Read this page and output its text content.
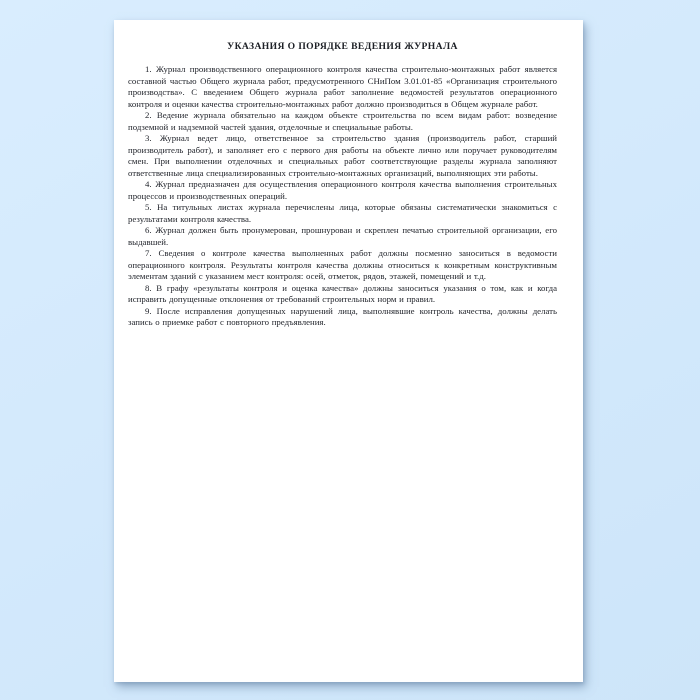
УКАЗАНИЯ О ПОРЯДКЕ ВЕДЕНИЯ ЖУРНАЛА

1. Журнал производственного операционного контроля качества строительно-монтажных работ является составной частью Общего журнала работ, предусмотренного СНиПом 3.01.01-85 «Организация строительного производства». С введением Общего журнала работ заполнение ведомостей результатов операционного контроля и оценки качества строительно-монтажных работ должно производиться в Общем журнале работ.

2. Ведение журнала обязательно на каждом объекте строительства по всем видам работ: возведение подземной и надземной частей здания, отделочные и специальные работы.

3. Журнал ведет лицо, ответственное за строительство здания (производитель работ, старший производитель работ), и заполняет его с первого дня работы на объекте лично или поручает руководителям смен. При выполнении отделочных и специальных работ соответствующие разделы журнала заполняют ответственные лица специализированных строительно-монтажных организаций, выполняющих эти работы.

4. Журнал предназначен для осуществления операционного контроля качества выполнения строительных процессов и производственных операций.

5. На титульных листах журнала перечислены лица, которые обязаны систематически знакомиться с результатами контроля качества.

6. Журнал должен быть пронумерован, прошнурован и скреплен печатью строительной организации, его выдавшей.

7. Сведения о контроле качества выполненных работ должны посменно заноситься в ведомости операционного контроля. Результаты контроля качества должны относиться к конкретным конструктивным элементам зданий с указанием мест контроля: осей, отметок, рядов, этажей, помещений и т.д.

8. В графу «результаты контроля и оценка качества» должны заноситься указания о том, как и когда исправить допущенные отклонения от требований строительных норм и правил.

9. После исправления допущенных нарушений лица, выполнявшие контроль качества, должны делать запись о приемке работ с повторного предъявления.
